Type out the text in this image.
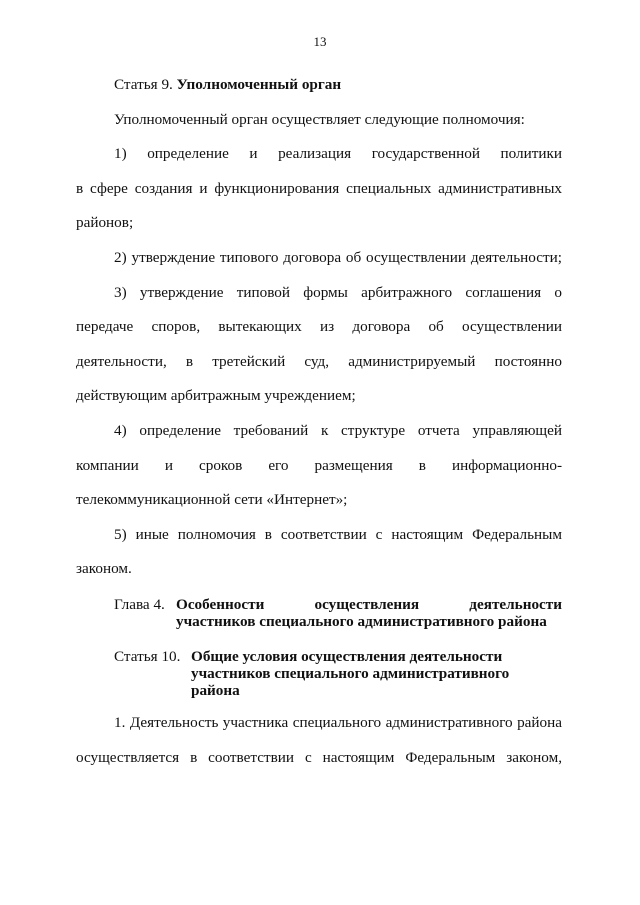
13
Статья 9. Уполномоченный орган
Уполномоченный орган осуществляет следующие полномочия:
1) определение и реализация государственной политики
в сфере создания и функционирования специальных административных
районов;
2) утверждение типового договора об осуществлении деятельности;
3) утверждение типовой формы арбитражного соглашения о
передаче споров, вытекающих из договора об осуществлении
деятельности, в третейский суд, администрируемый постоянно
действующим арбитражным учреждением;
4) определение требований к структуре отчета управляющей
компании и сроков его размещения в информационно-
телекоммуникационной сети «Интернет»;
5) иные полномочия в соответствии с настоящим Федеральным
законом.
Глава 4. Особенности осуществления деятельности
участников специального административного района
Статья 10. Общие условия осуществления деятельности
участников специального административного
района
1. Деятельность участника специального административного района
осуществляется в соответствии с настоящим Федеральным законом,
